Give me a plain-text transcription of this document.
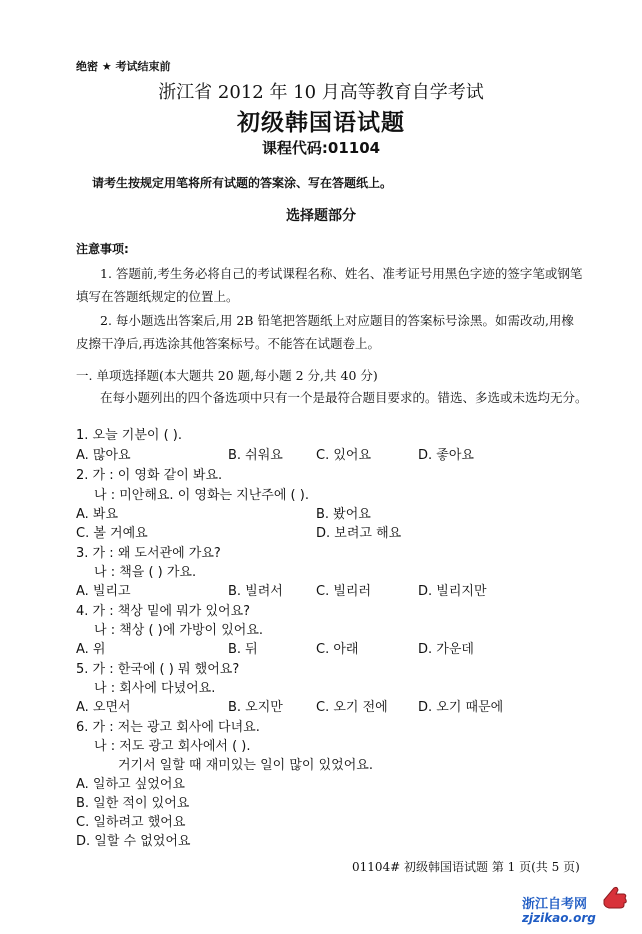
绝密 ★ 考试结束前
浙江省 2012 年 10 月高等教育自学考试
初级韩国语试题
课程代码:01104
请考生按规定用笔将所有试题的答案涂、写在答题纸上。
选择题部分
注意事项:
1. 答题前,考生务必将自己的考试课程名称、姓名、准考证号用黑色字迹的签字笔或钢笔
填写在答题纸规定的位置上。
2. 每小题选出答案后,用 2B 铅笔把答题纸上对应题目的答案标号涂黑。如需改动,用橡
皮擦干净后,再选涂其他答案标号。不能答在试题卷上。
一. 单项选择题(本大题共 20 题,每小题 2 分,共 40 分)
在每小题列出的四个备选项中只有一个是最符合题目要求的。错选、多选或未选均无分。
1. 오늘 기분이 ( ).
A. 많아요	B. 쉬워요	C. 있어요	D. 좋아요
2. 가 : 이 영화 같이 봐요.
나 : 미안해요. 이 영화는 지난주에 ( ).
A. 봐요	B. 봤어요
C. 볼 거예요	D. 보려고 해요
3. 가 : 왜 도서관에 가요?
나 : 책을 ( ) 가요.
A. 빌리고	B. 빌려서	C. 빌리러	D. 빌리지만
4. 가 : 책상 밑에 뭐가 있어요?
나 : 책상 ( )에 가방이 있어요.
A. 위	B. 뒤	C. 아래	D. 가운데
5. 가 : 한국에 ( ) 뭐 했어요?
나 : 회사에 다녔어요.
A. 오면서	B. 오지만	C. 오기 전에 D. 오기 때문에
6. 가 : 저는 광고 회사에 다녀요.
나 : 저도 광고 회사에서 ( ).
거기서 일할 때 재미있는 일이 많이 있었어요.
A. 일하고 싶었어요
B. 일한 적이 있어요
C. 일하려고 했어요
D. 일할 수 없었어요
01104# 初级韩国语试题 第 1 页(共 5 页)
浙江自考网
zjzikao.org
